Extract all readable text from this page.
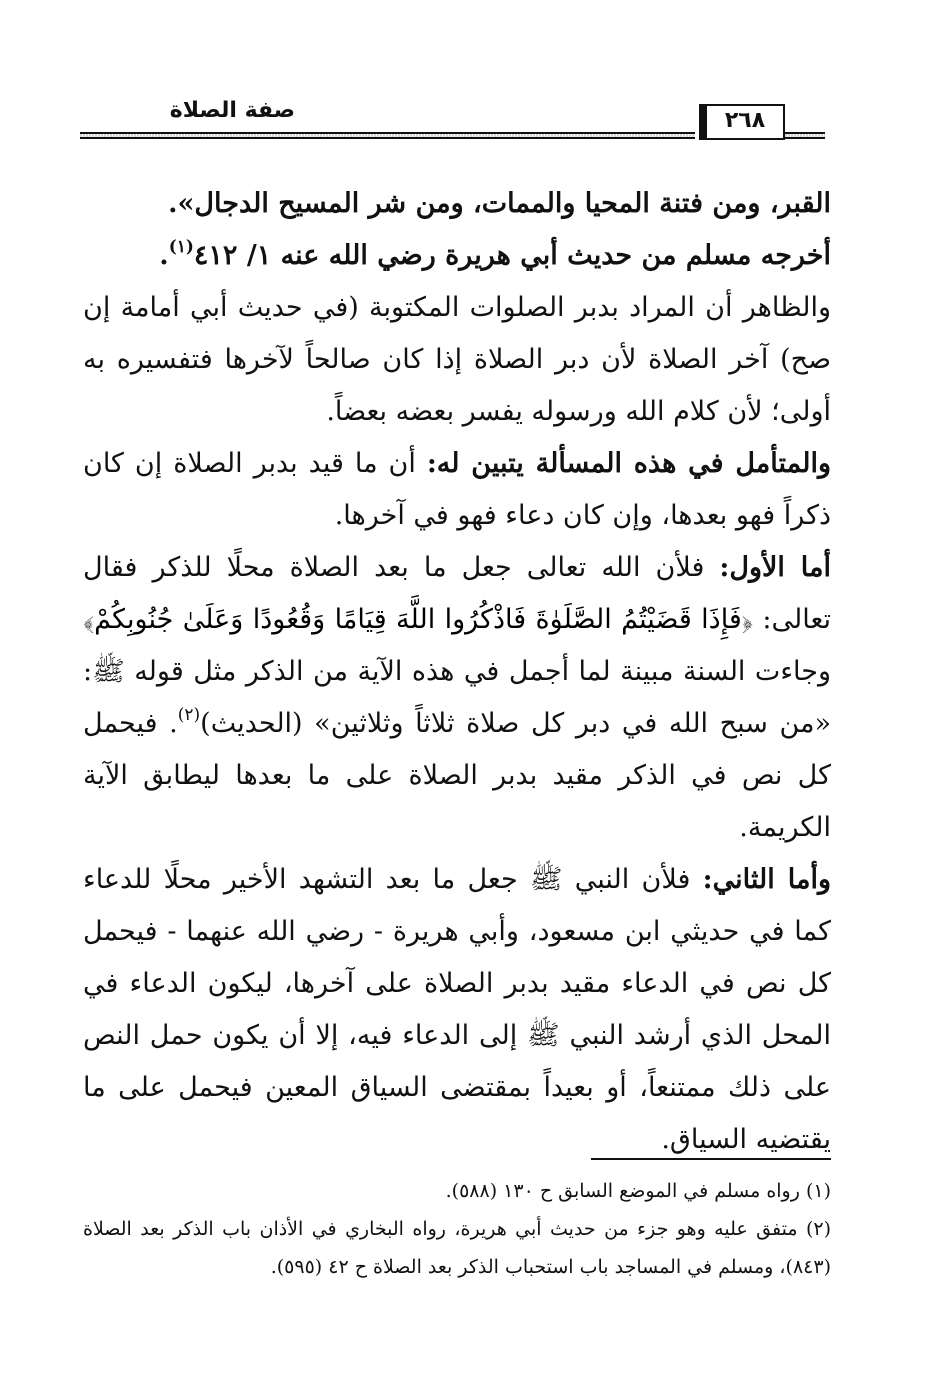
صفة الصلاة	٢٦٨

القبر، ومن فتنة المحيا والممات، ومن شر المسيح الدجال».

أخرجه مسلم من حديث أبي هريرة رضي الله عنه ١/ ٤١٢$^{(١)}$.

والظاهر أن المراد بدبر الصلوات المكتوبة (في حديث أبي أمامة إن صح) آخر الصلاة لأن دبر الصلاة إذا كان صالحاً لآخرها فتفسيره به أولى؛ لأن كلام الله ورسوله يفسر بعضه بعضاً.

والمتأمل في هذه المسألة يتبين له: أن ما قيد بدبر الصلاة إن كان ذكراً فهو بعدها، وإن كان دعاء فهو في آخرها.

أما الأول: فلأن الله تعالى جعل ما بعد الصلاة محلًا للذكر فقال تعالى: ﴿فَإِذَا قَضَيْتُمُ الصَّلَوٰةَ فَاذْكُرُوا اللَّهَ قِيَامًا وَقُعُودًا وَعَلَىٰ جُنُوبِكُمْ﴾ وجاءت السنة مبينة لما أجمل في هذه الآية من الذكر مثل قوله ﷺ: «من سبح الله في دبر كل صلاة ثلاثاً وثلاثين» (الحديث)$^{(٢)}$. فيحمل كل نص في الذكر مقيد بدبر الصلاة على ما بعدها ليطابق الآية الكريمة.

وأما الثاني: فلأن النبي ﷺ جعل ما بعد التشهد الأخير محلًا للدعاء كما في حديثي ابن مسعود، وأبي هريرة - رضي الله عنهما - فيحمل كل نص في الدعاء مقيد بدبر الصلاة على آخرها، ليكون الدعاء في المحل الذي أرشد النبي ﷺ إلى الدعاء فيه، إلا أن يكون حمل النص على ذلك ممتنعاً، أو بعيداً بمقتضى السياق المعين فيحمل على ما يقتضيه السياق.

(١) رواه مسلم في الموضع السابق ح ١٣٠ (٥٨٨).

(٢) متفق عليه وهو جزء من حديث أبي هريرة، رواه البخاري في الأذان باب الذكر بعد الصلاة (٨٤٣)، ومسلم في المساجد باب استحباب الذكر بعد الصلاة ح ٤٢ (٥٩٥).
